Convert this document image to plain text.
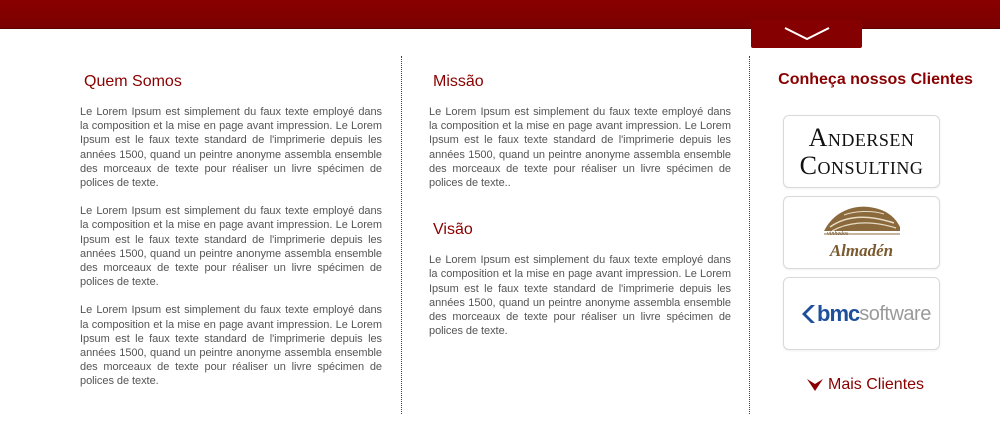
Quem Somos

Le Lorem Ipsum est simplement du faux texte employé dans la composition et la mise en page avant impression. Le Lorem Ipsum est le faux texte standard de l'imprimerie depuis les années 1500, quand un peintre anonyme assembla ensemble des morceaux de texte pour réaliser un livre spécimen de polices de texte.

Le Lorem Ipsum est simplement du faux texte employé dans la composition et la mise en page avant impression. Le Lorem Ipsum est le faux texte standard de l'imprimerie depuis les années 1500, quand un peintre anonyme assembla ensemble des morceaux de texte pour réaliser un livre spécimen de polices de texte.

Le Lorem Ipsum est simplement du faux texte employé dans la composition et la mise en page avant impression. Le Lorem Ipsum est le faux texte standard de l'imprimerie depuis les années 1500, quand un peintre anonyme assembla ensemble des morceaux de texte pour réaliser un livre spécimen de polices de texte.

Missão

Le Lorem Ipsum est simplement du faux texte employé dans la composition et la mise en page avant impression. Le Lorem Ipsum est le faux texte standard de l'imprimerie depuis les années 1500, quand un peintre anonyme assembla ensemble des morceaux de texte pour réaliser un livre spécimen de polices de texte..

Visão

Le Lorem Ipsum est simplement du faux texte employé dans la composition et la mise en page avant impression. Le Lorem Ipsum est le faux texte standard de l'imprimerie depuis les années 1500, quand un peintre anonyme assembla ensemble des morceaux de texte pour réaliser un livre spécimen de polices de texte.

Conheça nossos Clientes
Andersen
Consulting
vinhedos
Almadén
bmc software
Mais Clientes
